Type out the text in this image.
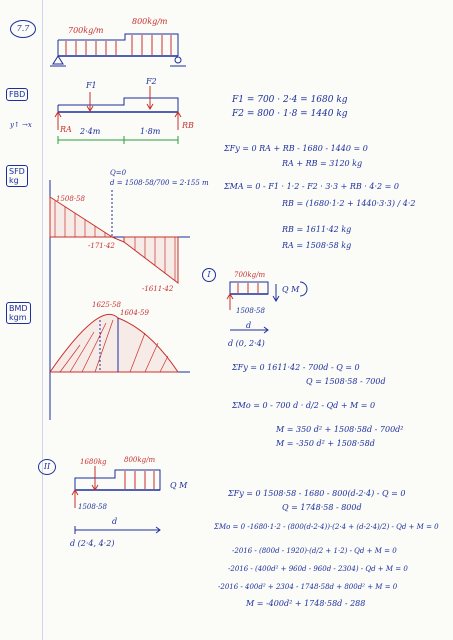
7.7	700kg/m
800kg/m
FBD
SFD
kg
BMD
kgm
I
II
y↑ →x
F1	F2
RA	RB
2·4m	1·8m
1508·58
-171·42
-1611·42
Q=0
d = 1508·58/700 = 2·155 m
1625·58
1604·59
F1 = 700 · 2·4 = 1680 kg
F2 = 800 · 1·8 = 1440 kg
ΣFy = 0 RA + RB - 1680 - 1440 = 0
RA + RB = 3120 kg
ΣMA = 0 - F1 · 1·2 - F2 · 3·3 + RB · 4·2 = 0
RB = (1680·1·2 + 1440·3·3) / 4·2
RB = 1611·42 kg
RA = 1508·58 kg
700kg/m
1508·58
Q M
d
d (0, 2·4)
ΣFy = 0 1611·42 - 700d - Q = 0
Q = 1508·58 - 700d
ΣMo = 0 - 700 d · d/2 - Qd + M = 0
M = 350 d² + 1508·58d - 700d²
M = -350 d² + 1508·58d
1680kg 800kg/m
1508·58
Q M
d
d (2·4, 4·2)
ΣFy = 0 1508·58 - 1680 - 800(d-2·4) - Q = 0
Q = 1748·58 - 800d
ΣMo = 0 -1680·1·2 - (800(d-2·4))·(2·4 + (d-2·4)/2) - Qd + M = 0
-2016 - (800d - 1920)·(d/2 + 1·2) - Qd + M = 0
-2016 - (400d² + 960d - 960d - 2304) - Qd + M = 0
-2016 - 400d² + 2304 - 1748·58d + 800d² + M = 0
M = -400d² + 1748·58d - 288
